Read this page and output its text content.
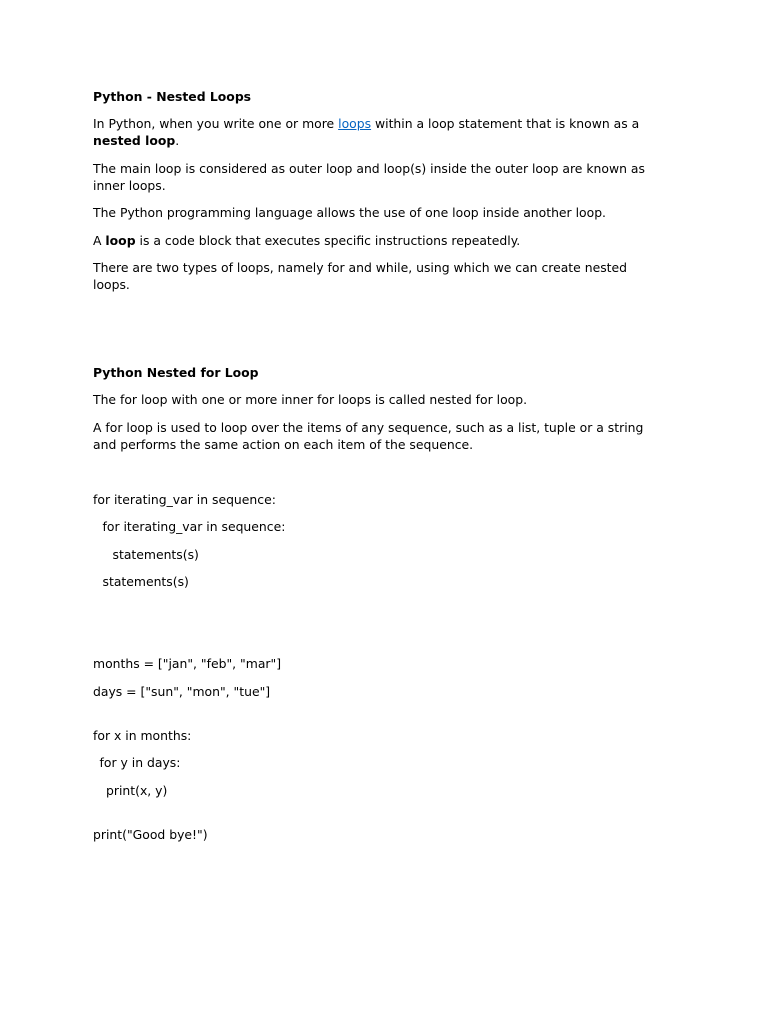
Python - Nested Loops

In Python, when you write one or more loops within a loop statement that is known as a nested loop.

The main loop is considered as outer loop and loop(s) inside the outer loop are known as inner loops.

The Python programming language allows the use of one loop inside another loop.

A loop is a code block that executes specific instructions repeatedly.

There are two types of loops, namely for and while, using which we can create nested loops.

Python Nested for Loop

The for loop with one or more inner for loops is called nested for loop.

A for loop is used to loop over the items of any sequence, such as a list, tuple or a string and performs the same action on each item of the sequence.

for iterating_var in sequence:

for iterating_var in sequence:

statements(s)

statements(s)

months = ["jan", "feb", "mar"]

days = ["sun", "mon", "tue"]

for x in months:

for y in days:

print(x, y)

print("Good bye!")
